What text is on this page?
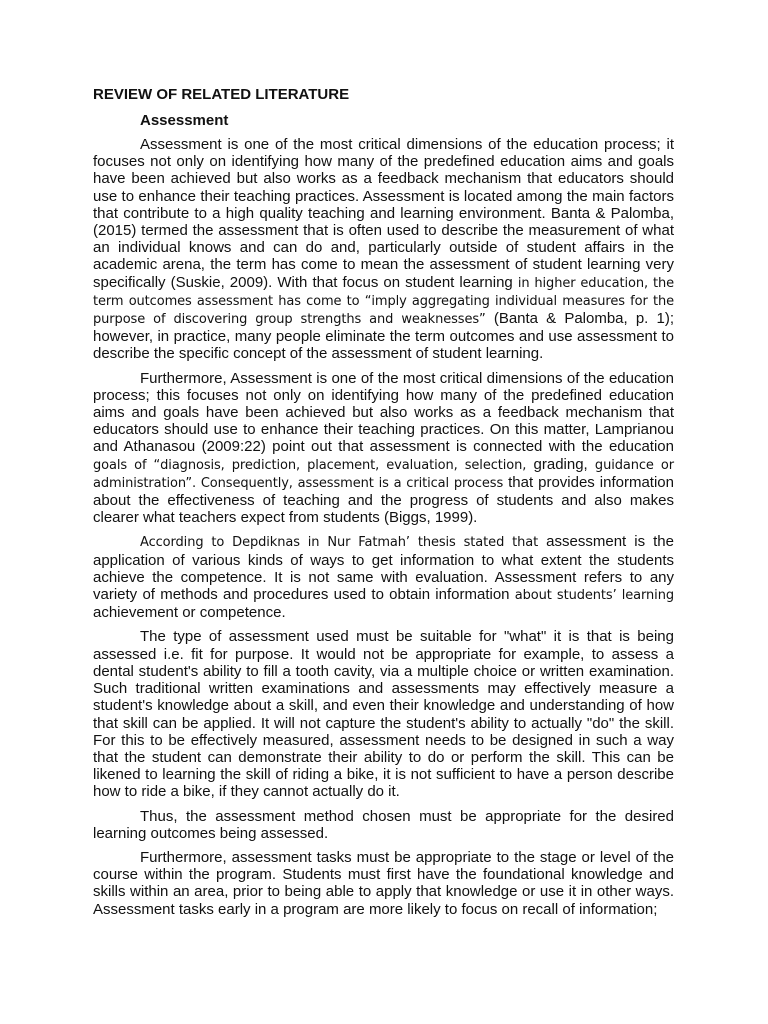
REVIEW OF RELATED LITERATURE
Assessment

Assessment is one of the most critical dimensions of the education process; it focuses not only on identifying how many of the predefined education aims and goals have been achieved but also works as a feedback mechanism that educators should use to enhance their teaching practices. Assessment is located among the main factors that contribute to a high quality teaching and learning environment. Banta & Palomba, (2015) termed the assessment that is often used to describe the measurement of what an individual knows and can do and, particularly outside of student affairs in the academic arena, the term has come to mean the assessment of student learning very specifically (Suskie, 2009). With that focus on student learning in higher education, the term outcomes assessment has come to “imply aggregating individual measures for the purpose of discovering group strengths and weaknesses” (Banta & Palomba, p. 1); however, in practice, many people eliminate the term outcomes and use assessment to describe the specific concept of the assessment of student learning.

Furthermore, Assessment is one of the most critical dimensions of the education process; this focuses not only on identifying how many of the predefined education aims and goals have been achieved but also works as a feedback mechanism that educators should use to enhance their teaching practices. On this matter, Lamprianou and Athanasou (2009:22) point out that assessment is connected with the education goals of “diagnosis, prediction, placement, evaluation, selection, grading, guidance or administration”. Consequently, assessment is a critical process that provides information about the effectiveness of teaching and the progress of students and also makes clearer what teachers expect from students (Biggs, 1999).

According to Depdiknas in Nur Fatmah’ thesis stated that assessment is the application of various kinds of ways to get information to what extent the students achieve the competence. It is not same with evaluation. Assessment refers to any variety of methods and procedures used to obtain information about students’ learning achievement or competence.

The type of assessment used must be suitable for "what" it is that is being assessed i.e. fit for purpose. It would not be appropriate for example, to assess a dental student's ability to fill a tooth cavity, via a multiple choice or written examination. Such traditional written examinations and assessments may effectively measure a student's knowledge about a skill, and even their knowledge and understanding of how that skill can be applied. It will not capture the student's ability to actually "do" the skill. For this to be effectively measured, assessment needs to be designed in such a way that the student can demonstrate their ability to do or perform the skill. This can be likened to learning the skill of riding a bike, it is not sufficient to have a person describe how to ride a bike, if they cannot actually do it.

Thus, the assessment method chosen must be appropriate for the desired learning outcomes being assessed.

Furthermore, assessment tasks must be appropriate to the stage or level of the course within the program. Students must first have the foundational knowledge and skills within an area, prior to being able to apply that knowledge or use it in other ways. Assessment tasks early in a program are more likely to focus on recall of information;
